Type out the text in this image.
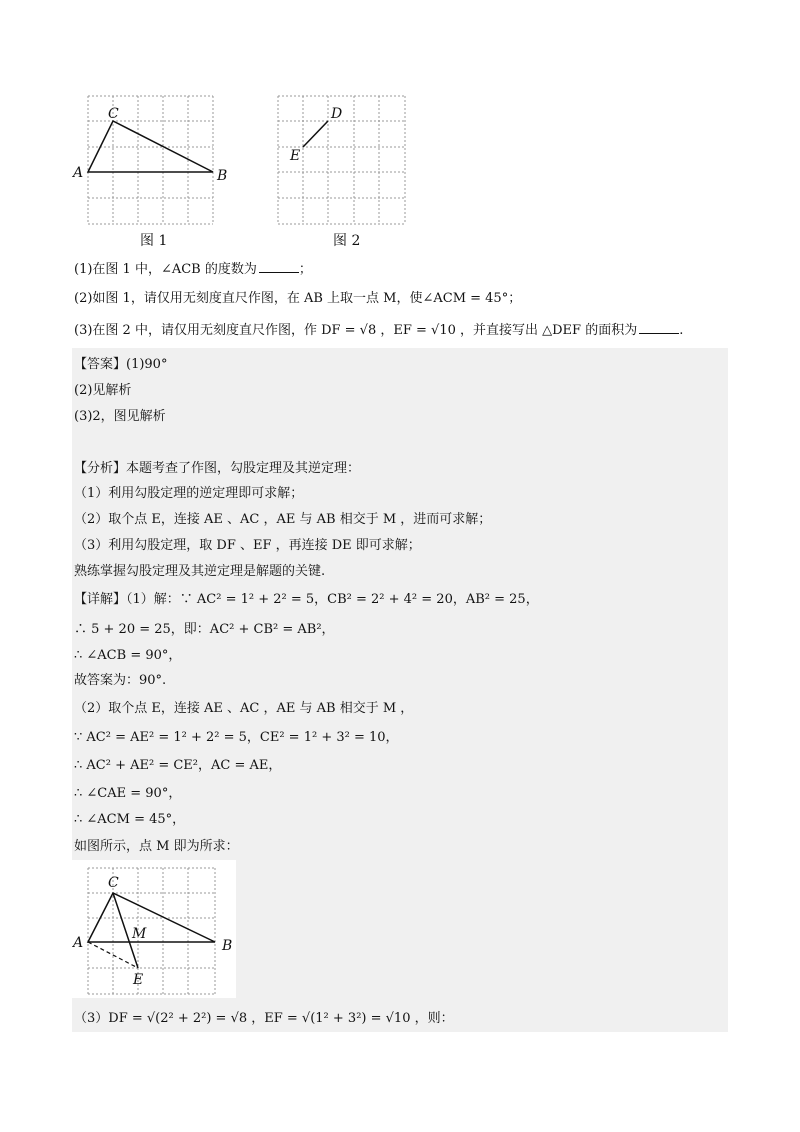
C
A	B
图 1
D
E
图 2
(1)在图 1 中，∠ACB 的度数为	；
(2)如图 1，请仅用无刻度直尺作图，在 AB 上取一点 M，使∠ACM = 45°；
(3)在图 2 中，请仅用无刻度直尺作图，作 DF = √8 ，EF = √10 ，并直接写出 △DEF 的面积为	.
【答案】(1)90°
(2)见解析
(3)2，图见解析
【分析】本题考查了作图，勾股定理及其逆定理：
（1）利用勾股定理的逆定理即可求解；
（2）取个点 E，连接 AE 、AC ，AE 与 AB 相交于 M ，进而可求解；
（3）利用勾股定理，取 DF 、EF ，再连接 DE 即可求解；
熟练掌握勾股定理及其逆定理是解题的关键.
【详解】（1）解：∵ AC² = 1² + 2² = 5，CB² = 2² + 4² = 20，AB² = 25，
∴ 5 + 20 = 25，即：AC² + CB² = AB²，
∴ ∠ACB = 90°，
故答案为：90°.
（2）取个点 E，连接 AE 、AC ，AE 与 AB 相交于 M ，
∵ AC² = AE² = 1² + 2² = 5，CE² = 1² + 3² = 10，
∴ AC² + AE² = CE²，AC = AE，
∴ ∠CAE = 90°，
∴ ∠ACM = 45°，
如图所示，点 M 即为所求：
C
A	B
M
E
（3）DF = √(2² + 2²) = √8 ，EF = √(1² + 3²) = √10 ，则：
